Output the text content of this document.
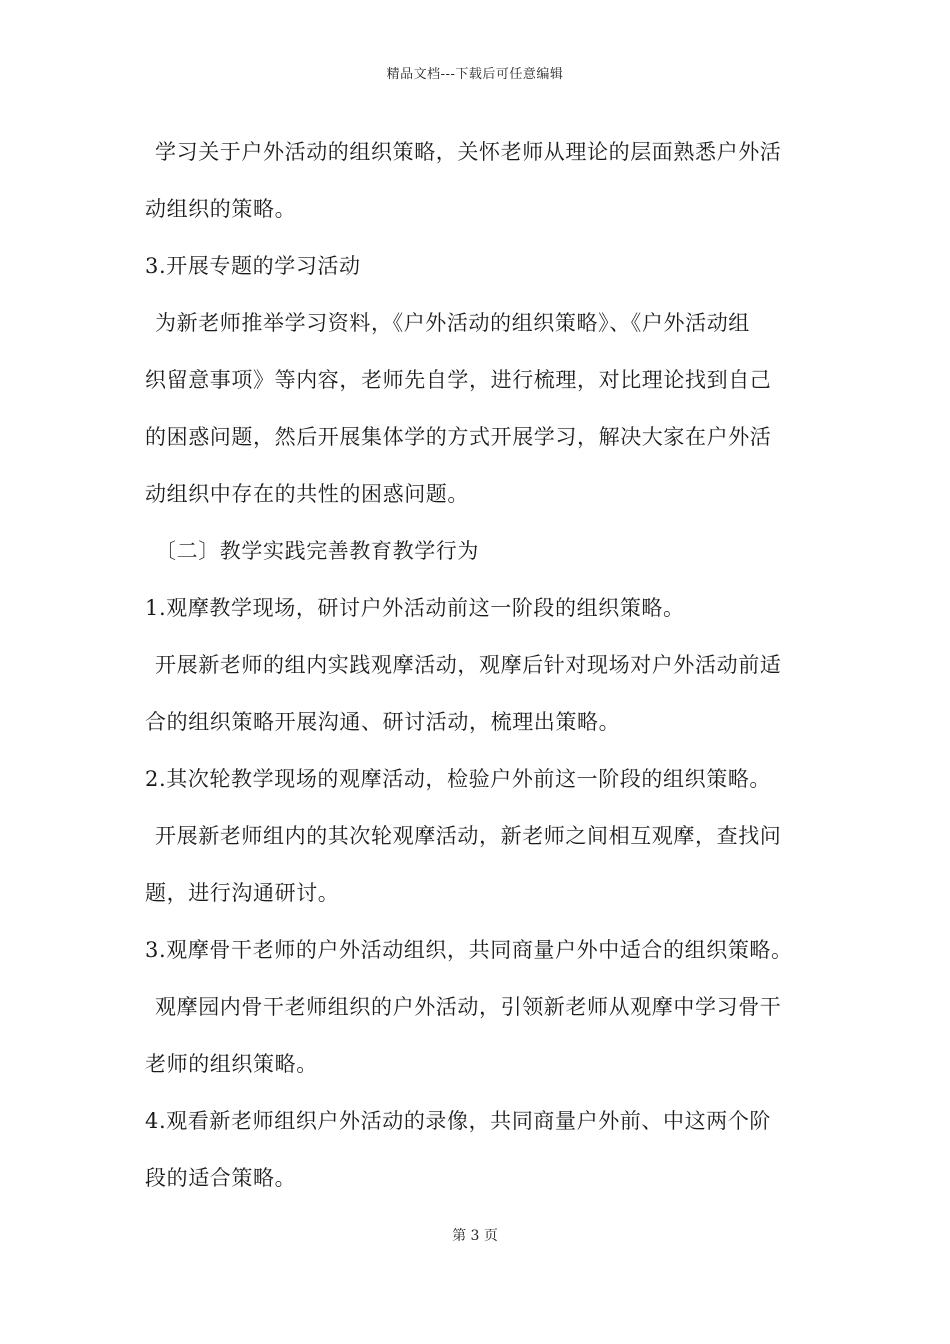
精品文档---下载后可任意编辑
学习关于户外活动的组织策略，关怀老师从理论的层面熟悉户外活
动组织的策略。
3.开展专题的学习活动
为新老师推举学习资料，《户外活动的组织策略》、《户外活动组
织留意事项》等内容，老师先自学，进行梳理，对比理论找到自己
的困惑问题，然后开展集体学的方式开展学习，解决大家在户外活
动组织中存在的共性的困惑问题。
〔二〕教学实践完善教育教学行为
1.观摩教学现场，研讨户外活动前这一阶段的组织策略。
开展新老师的组内实践观摩活动，观摩后针对现场对户外活动前适
合的组织策略开展沟通、研讨活动，梳理出策略。
2.其次轮教学现场的观摩活动，检验户外前这一阶段的组织策略。
开展新老师组内的其次轮观摩活动，新老师之间相互观摩，查找问
题，进行沟通研讨。
3.观摩骨干老师的户外活动组织，共同商量户外中适合的组织策略。
观摩园内骨干老师组织的户外活动，引领新老师从观摩中学习骨干
老师的组织策略。
4.观看新老师组织户外活动的录像，共同商量户外前、中这两个阶
段的适合策略。
第 3 页
